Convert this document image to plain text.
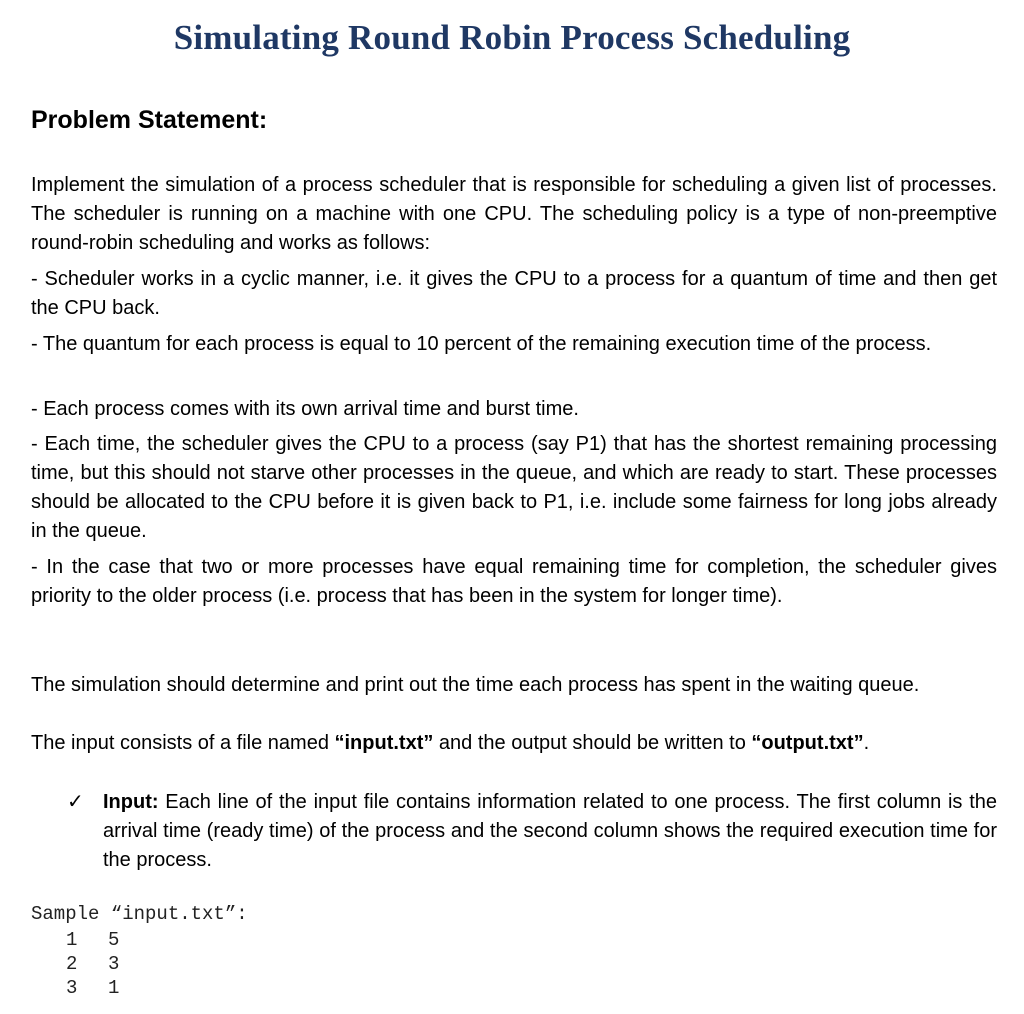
Simulating Round Robin Process Scheduling
Problem Statement:

Implement the simulation of a process scheduler that is responsible for scheduling a given list of processes. The scheduler is running on a machine with one CPU. The scheduling policy is a type of non-preemptive round-robin scheduling and works as follows:

- Scheduler works in a cyclic manner, i.e. it gives the CPU to a process for a quantum of time and then get the CPU back.

- The quantum for each process is equal to 10 percent of the remaining execution time of the process.

- Each process comes with its own arrival time and burst time.

- Each time, the scheduler gives the CPU to a process (say P1) that has the shortest remaining processing time, but this should not starve other processes in the queue, and which are ready to start. These processes should be allocated to the CPU before it is given back to P1, i.e. include some fairness for long jobs already in the queue.

- In the case that two or more processes have equal remaining time for completion, the scheduler gives priority to the older process (i.e. process that has been in the system for longer time).

The simulation should determine and print out the time each process has spent in the waiting queue.

The input consists of a file named “input.txt” and the output should be written to “output.txt”.

✓ Input: Each line of the input file contains information related to one process. The first column is the arrival time (ready time) of the process and the second column shows the required execution time for the process.

Sample “input.txt”:

1	5
2	3
3	1
